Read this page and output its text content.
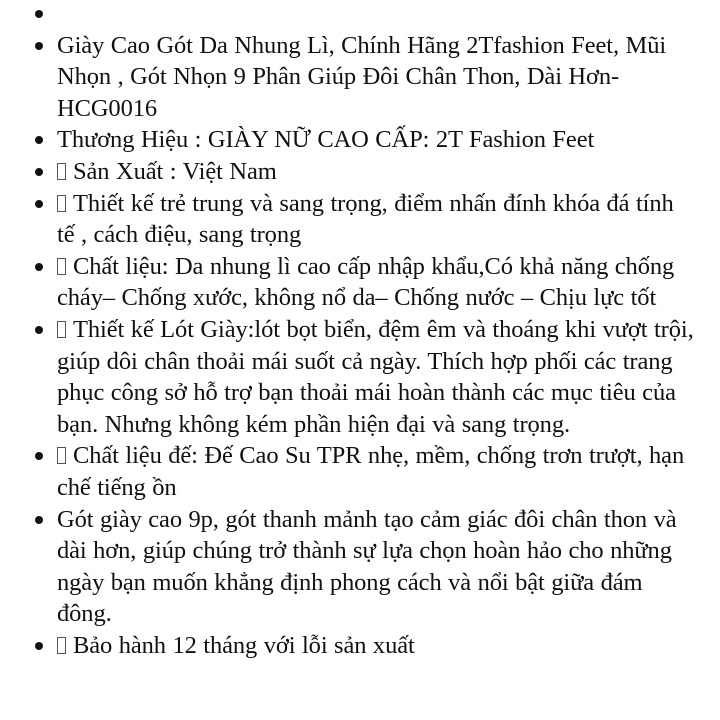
Giày Cao Gót Da Nhung Lì, Chính Hãng 2Tfashion Feet, Mũi Nhọn , Gót Nhọn 9 Phân Giúp Đôi Chân Thon, Dài Hơn- HCG0016
Thương Hiệu : GIÀY NỮ CAO CẤP: 2T Fashion Feet
Sản Xuất : Việt Nam
Thiết kế trẻ trung và sang trọng, điểm nhấn đính khóa đá tính tế , cách điệu, sang trọng
Chất liệu: Da nhung lì cao cấp nhập khẩu,Có khả năng chống cháy– Chống xước, không nổ da– Chống nước – Chịu lực tốt
Thiết kế Lót Giày:lót bọt biển, đệm êm và thoáng khi vượt trội, giúp dôi chân thoải mái suốt cả ngày. Thích hợp phối các trang phục công sở hỗ trợ bạn thoải mái hoàn thành các mục tiêu của bạn. Nhưng không kém phần hiện đại và sang trọng.
Chất liệu đế: Đế Cao Su TPR nhẹ, mềm, chống trơn trượt, hạn chế tiếng ồn
Gót giày cao 9p, gót thanh mảnh tạo cảm giác đôi chân thon và dài hơn, giúp chúng trở thành sự lựa chọn hoàn hảo cho những ngày bạn muốn khẳng định phong cách và nổi bật giữa đám đông.
Bảo hành 12 tháng với lỗi sản xuất
